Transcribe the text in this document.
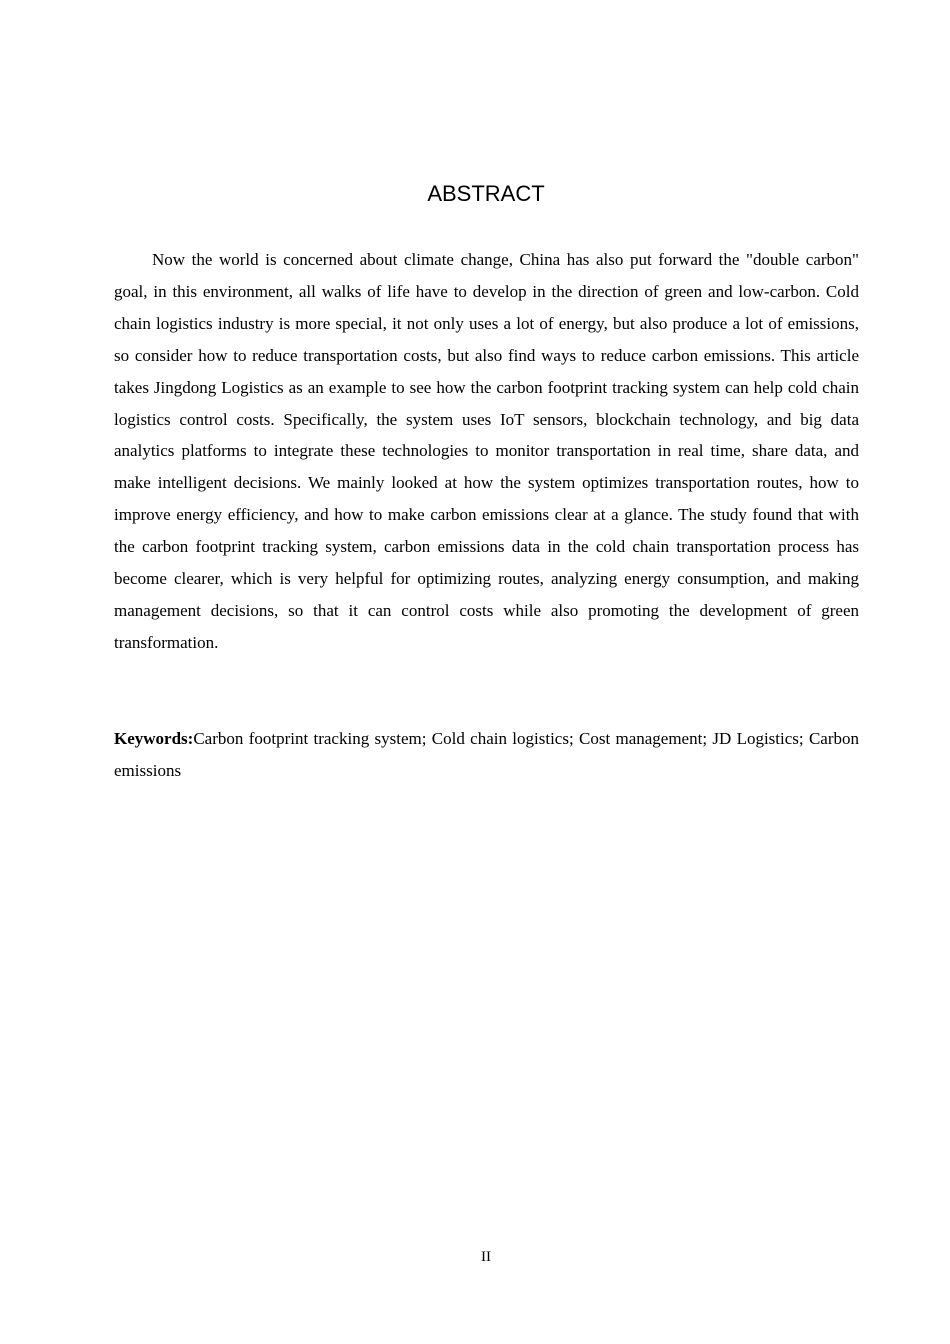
ABSTRACT

Now the world is concerned about climate change, China has also put forward the "double carbon" goal, in this environment, all walks of life have to develop in the direction of green and low-carbon. Cold chain logistics industry is more special, it not only uses a lot of energy, but also produce a lot of emissions, so consider how to reduce transportation costs, but also find ways to reduce carbon emissions. This article takes Jingdong Logistics as an example to see how the carbon footprint tracking system can help cold chain logistics control costs. Specifically, the system uses IoT sensors, blockchain technology, and big data analytics platforms to integrate these technologies to monitor transportation in real time, share data, and make intelligent decisions. We mainly looked at how the system optimizes transportation routes, how to improve energy efficiency, and how to make carbon emissions clear at a glance. The study found that with the carbon footprint tracking system, carbon emissions data in the cold chain transportation process has become clearer, which is very helpful for optimizing routes, analyzing energy consumption, and making management decisions, so that it can control costs while also promoting the development of green transformation.

Keywords:Carbon footprint tracking system; Cold chain logistics; Cost management; JD Logistics; Carbon emissions

II
